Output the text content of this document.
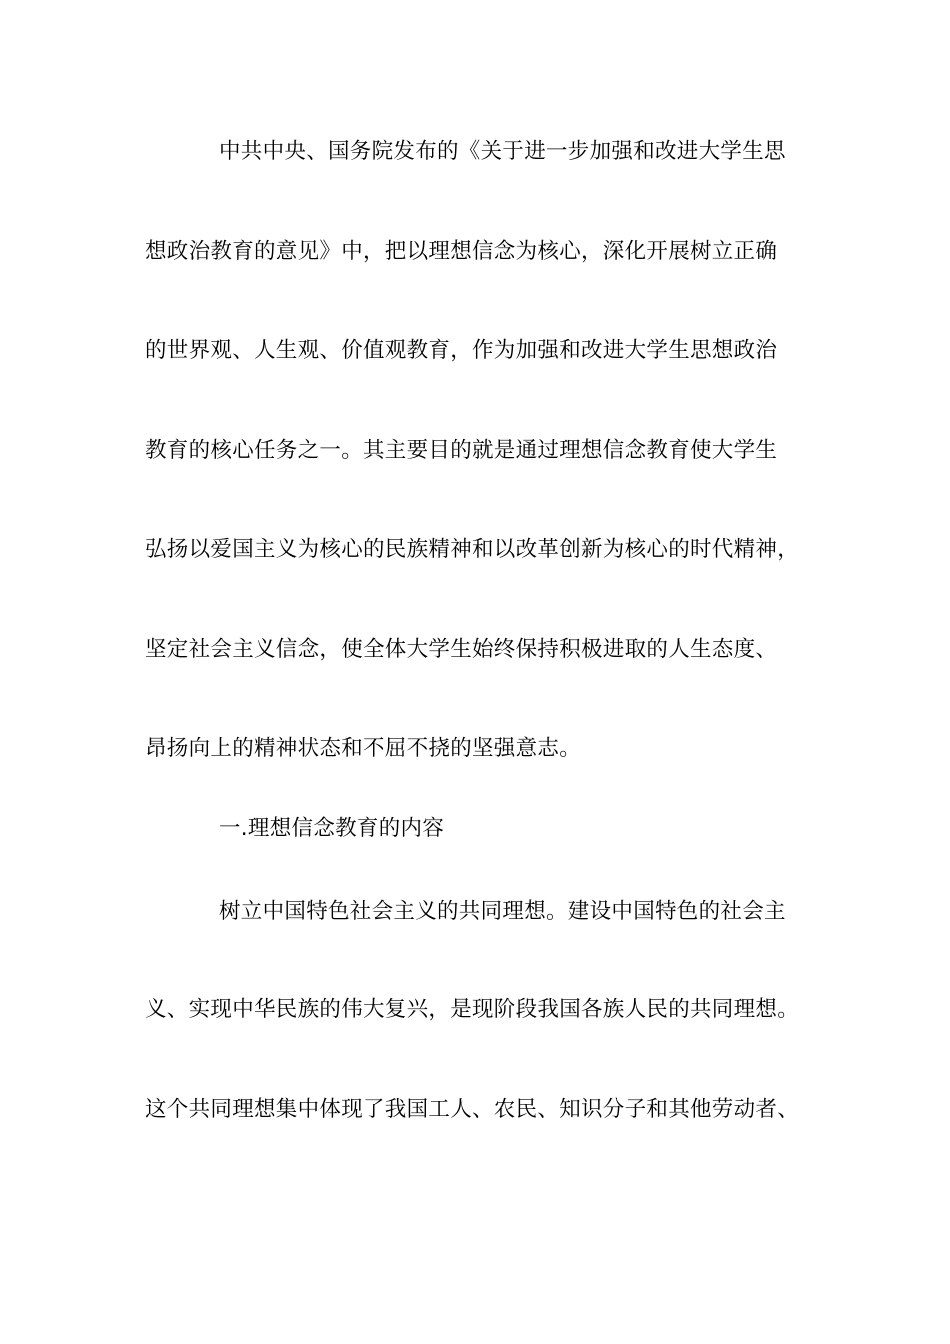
中共中央、国务院发布的《关于进一步加强和改进大学生思
想政治教育的意见》中，把以理想信念为核心，深化开展树立正确
的世界观、人生观、价值观教育，作为加强和改进大学生思想政治
教育的核心任务之一。其主要目的就是通过理想信念教育使大学生
弘扬以爱国主义为核心的民族精神和以改革创新为核心的时代精神，
坚定社会主义信念，使全体大学生始终保持积极进取的人生态度、
昂扬向上的精神状态和不屈不挠的坚强意志。
一.理想信念教育的内容
树立中国特色社会主义的共同理想。建设中国特色的社会主
义、实现中华民族的伟大复兴，是现阶段我国各族人民的共同理想。
这个共同理想集中体现了我国工人、农民、知识分子和其他劳动者、
